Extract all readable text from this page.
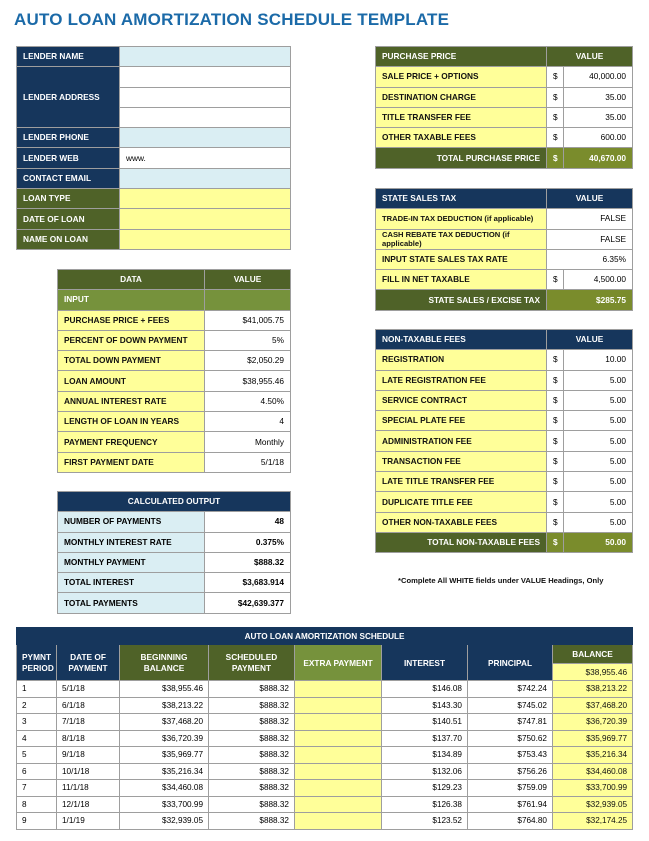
AUTO LOAN AMORTIZATION SCHEDULE TEMPLATE
LENDER NAME	
LENDER ADDRESS	

LENDER PHONE	
LENDER WEB	www.
CONTACT EMAIL	
LOAN TYPE	
DATE OF LOAN	
NAME ON LOAN	
PURCHASE PRICE	VALUE	
SALE PRICE + OPTIONS	$	40,000.00
DESTINATION CHARGE	$	35.00
TITLE TRANSFER FEE	$	35.00
OTHER TAXABLE FEES	$	600.00
TOTAL PURCHASE PRICE	$	40,670.00
STATE SALES TAX	VALUE	
TRADE-IN TAX DEDUCTION (if applicable)	FALSE	
CASH REBATE TAX DEDUCTION (if applicable)	FALSE	
INPUT STATE SALES TAX RATE	6.35%	
FILL IN NET TAXABLE	$	4,500.00
STATE SALES / EXCISE TAX	$285.75	
DATA	VALUE
INPUT	
PURCHASE PRICE + FEES	$41,005.75
PERCENT OF DOWN PAYMENT	5%
TOTAL DOWN PAYMENT	$2,050.29
LOAN AMOUNT	$38,955.46
ANNUAL INTEREST RATE	4.50%
LENGTH OF LOAN IN YEARS	4
PAYMENT FREQUENCY	Monthly
FIRST PAYMENT DATE	5/1/18
CALCULATED OUTPUT	
NUMBER OF PAYMENTS	48
MONTHLY INTEREST RATE	0.375%
MONTHLY PAYMENT	$888.32
TOTAL INTEREST	$3,683.914
TOTAL PAYMENTS	$42,639.377
NON-TAXABLE FEES	VALUE	
REGISTRATION	$	10.00
LATE REGISTRATION FEE	$	5.00
SERVICE CONTRACT	$	5.00
SPECIAL PLATE FEE	$	5.00
ADMINISTRATION FEE	$	5.00
TRANSACTION FEE	$	5.00
LATE TITLE TRANSFER FEE	$	5.00
DUPLICATE TITLE FEE	$	5.00
OTHER NON-TAXABLE FEES	$	5.00
TOTAL NON-TAXABLE FEES	$	50.00
*Complete All WHITE fields under VALUE Headings, Only
AUTO LOAN AMORTIZATION SCHEDULE							
PYMNT PERIOD	DATE OF PAYMENT	BEGINNING BALANCE	SCHEDULED PAYMENT	EXTRA PAYMENT	INTEREST	PRINCIPAL	BALANCE
							$38,955.46
1	5/1/18	$38,955.46	$888.32		$146.08	$742.24	$38,213.22
2	6/1/18	$38,213.22	$888.32		$143.30	$745.02	$37,468.20
3	7/1/18	$37,468.20	$888.32		$140.51	$747.81	$36,720.39
4	8/1/18	$36,720.39	$888.32		$137.70	$750.62	$35,969.77
5	9/1/18	$35,969.77	$888.32		$134.89	$753.43	$35,216.34
6	10/1/18	$35,216.34	$888.32		$132.06	$756.26	$34,460.08
7	11/1/18	$34,460.08	$888.32		$129.23	$759.09	$33,700.99
8	12/1/18	$33,700.99	$888.32		$126.38	$761.94	$32,939.05
9	1/1/19	$32,939.05	$888.32		$123.52	$764.80	$32,174.25
